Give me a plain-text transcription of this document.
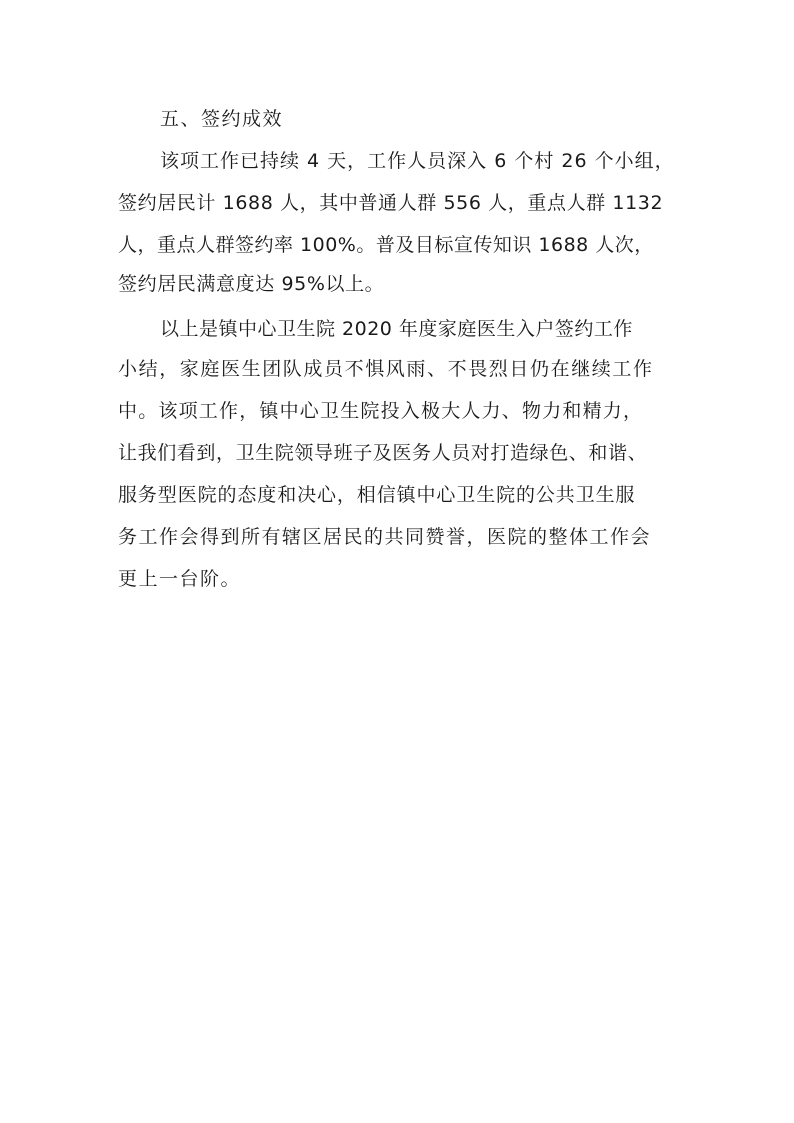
五、签约成效
该项工作已持续 4 天，工作人员深入 6 个村 26 个小组，
签约居民计 1688 人，其中普通人群 556 人，重点人群 1132
人，重点人群签约率 100%。普及目标宣传知识 1688 人次，
签约居民满意度达 95%以上。
以上是镇中心卫生院 2020 年度家庭医生入户签约工作
小结，家庭医生团队成员不惧风雨、不畏烈日仍在继续工作
中。该项工作，镇中心卫生院投入极大人力、物力和精力，
让我们看到，卫生院领导班子及医务人员对打造绿色、和谐、
服务型医院的态度和决心，相信镇中心卫生院的公共卫生服
务工作会得到所有辖区居民的共同赞誉，医院的整体工作会
更上一台阶。
